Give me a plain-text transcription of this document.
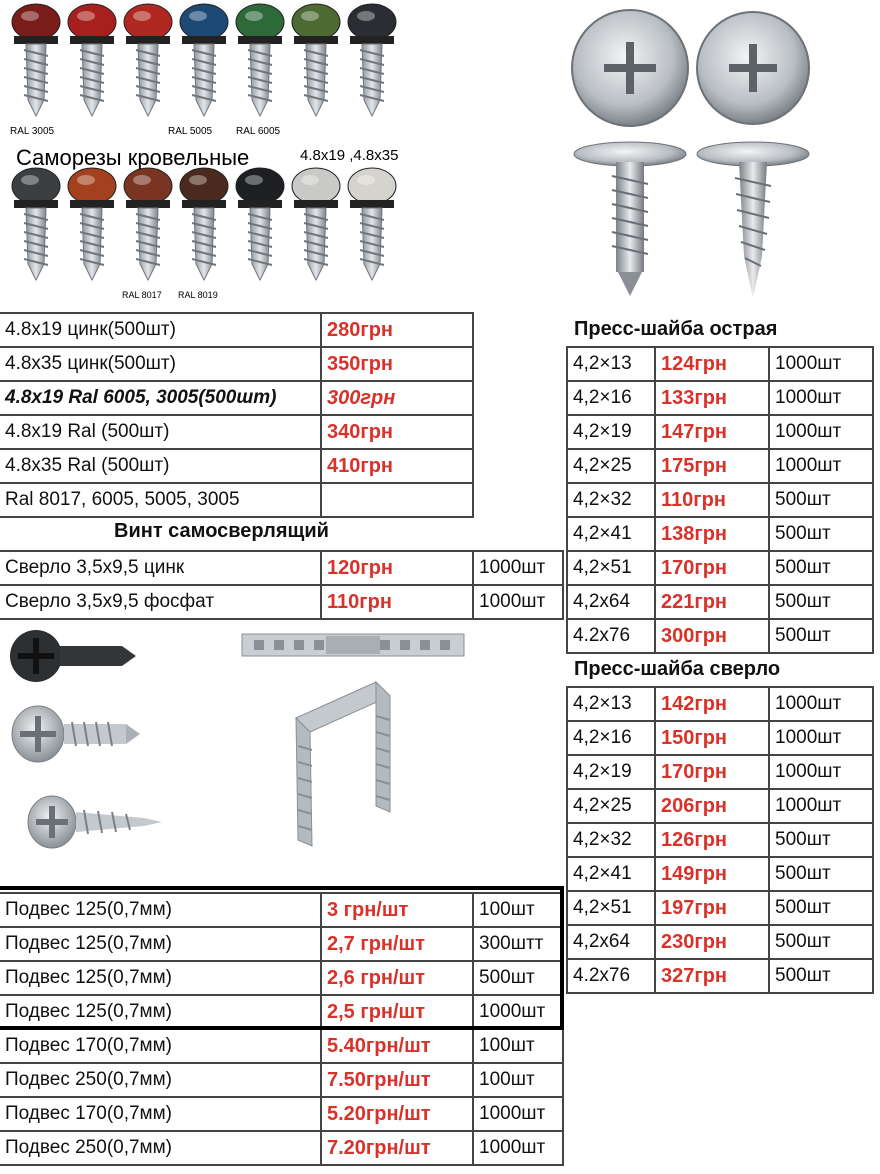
RAL 3005	RAL 5005 RAL 6005
Саморезы кровельные	4.8х19 ,4.8х35
RAL 8017 RAL 8019
4.8х19 цинк(500шт)	280грн
4.8х35 цинк(500шт)	350грн
4.8х19 Ral 6005, 3005(500шт)	300грн
4.8х19 Ral (500шт)	340грн
4.8х35 Ral (500шт)	410грн
Ral 8017, 6005, 5005, 3005
Винт самосверлящий
Сверло 3,5х9,5 цинк	120грн	1000шт
Сверло 3,5х9,5 фосфат	110грн	1000шт
Пресс-шайба острая
4,2×13	124грн	1000шт
4,2×16	133грн	1000шт
4,2×19	147грн	1000шт
4,2×25	175грн	1000шт
4,2×32	110грн	500шт
4,2×41	138грн	500шт
4,2×51	170грн	500шт
4,2х64	221грн	500шт
4.2х76	300грн	500шт
Пресс-шайба сверло
4,2×13	142грн	1000шт
4,2×16	150грн	1000шт
4,2×19	170грн	1000шт
4,2×25	206грн	1000шт
4,2×32	126грн	500шт
4,2×41	149грн	500шт
4,2×51	197грн	500шт
4,2х64	230грн	500шт
4.2х76	327грн	500шт
Подвес 125(0,7мм)	3 грн/шт	100шт
Подвес 125(0,7мм)	2,7 грн/шт	300штт
Подвес 125(0,7мм)	2,6 грн/шт	500шт
Подвес 125(0,7мм)	2,5 грн/шт	1000шт
Подвес 170(0,7мм)	5.40грн/шт	100шт
Подвес 250(0,7мм)	7.50грн/шт	100шт
Подвес 170(0,7мм)	5.20грн/шт	1000шт
Подвес 250(0,7мм)	7.20грн/шт	1000шт
